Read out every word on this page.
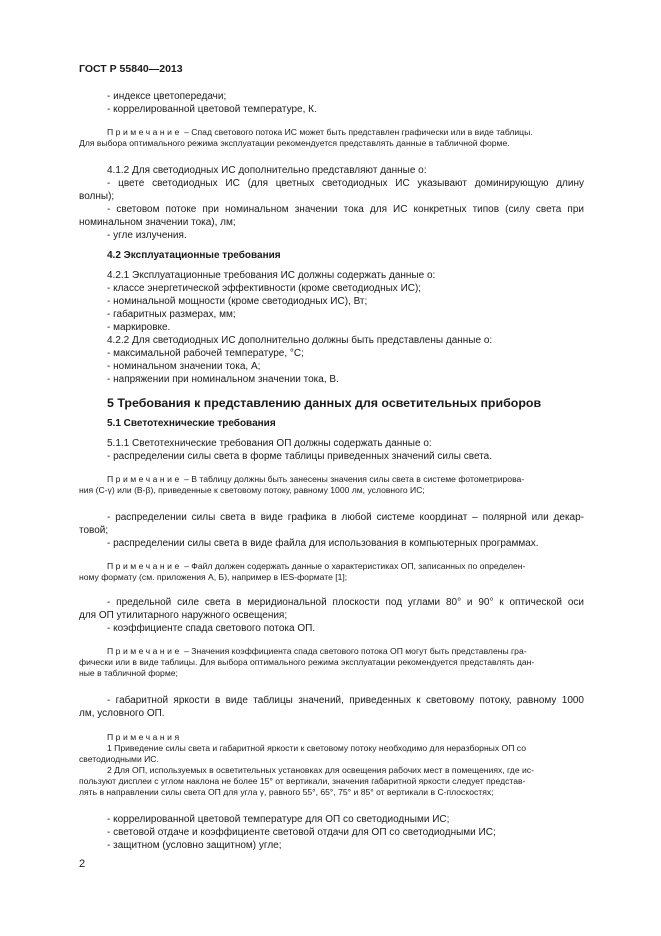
ГОСТ Р 55840—2013
- индексе цветопередачи;
- коррелированной цветовой температуре, К.
Примечание – Спад светового потока ИС может быть представлен графически или в виде таблицы.
Для выбора оптимального режима эксплуатации рекомендуется представлять данные в табличной форме.
4.1.2 Для светодиодных ИС дополнительно представляют данные о:
- цвете светодиодных ИС (для цветных светодиодных ИС указывают доминирующую длину
волны);
- световом потоке при номинальном значении тока для ИС конкретных типов (силу света при
номинальном значении тока), лм;
- угле излучения.
4.2 Эксплуатационные требования
4.2.1 Эксплуатационные требования ИС должны содержать данные о:
- классе энергетической эффективности (кроме светодиодных ИС);
- номинальной мощности (кроме светодиодных ИС), Вт;
- габаритных размерах, мм;
- маркировке.
4.2.2 Для светодиодных ИС дополнительно должны быть представлены данные о:
- максимальной рабочей температуре, °С;
- номинальном значении тока, А;
- напряжении при номинальном значении тока, В.
5 Требования к представлению данных для осветительных приборов
5.1 Светотехнические требования
5.1.1 Светотехнические требования ОП должны содержать данные о:
- распределении силы света в форме таблицы приведенных значений силы света.
Примечание – В таблицу должны быть занесены значения силы света в системе фотометрирова-
ния (С-γ) или (В-β), приведенные к световому потоку, равному 1000 лм, условного ИС;
- распределении силы света в виде графика в любой системе координат – полярной или декар-
товой;
- распределении силы света в виде файла для использования в компьютерных программах.
Примечание – Файл должен содержать данные о характеристиках ОП, записанных по определен-
ному формату (см. приложения А, Б), например в IES-формате [1];
- предельной силе света в меридиональной плоскости под углами 80° и 90° к оптической оси
для ОП утилитарного наружного освещения;
- коэффициенте спада светового потока ОП.
Примечание – Значения коэффициента спада светового потока ОП могут быть представлены гра-
фически или в виде таблицы. Для выбора оптимального режима эксплуатации рекомендуется представлять дан-
ные в табличной форме;
- габаритной яркости в виде таблицы значений, приведенных к световому потоку, равному 1000
лм, условного ОП.
Примечания
1 Приведение силы света и габаритной яркости к световому потоку необходимо для неразборных ОП со
светодиодными ИС.
2 Для ОП, используемых в осветительных установках для освещения рабочих мест в помещениях, где ис-
пользуют дисплеи с углом наклона не более 15° от вертикали, значения габаритной яркости следует представ-
лять в направлении силы света ОП для угла γ, равного 55°, 65°, 75° и 85° от вертикали в С-плоскостях;
- коррелированной цветовой температуре для ОП со светодиодными ИС;
- световой отдаче и коэффициенте световой отдачи для ОП со светодиодными ИС;
- защитном (условно защитном) угле;
2
